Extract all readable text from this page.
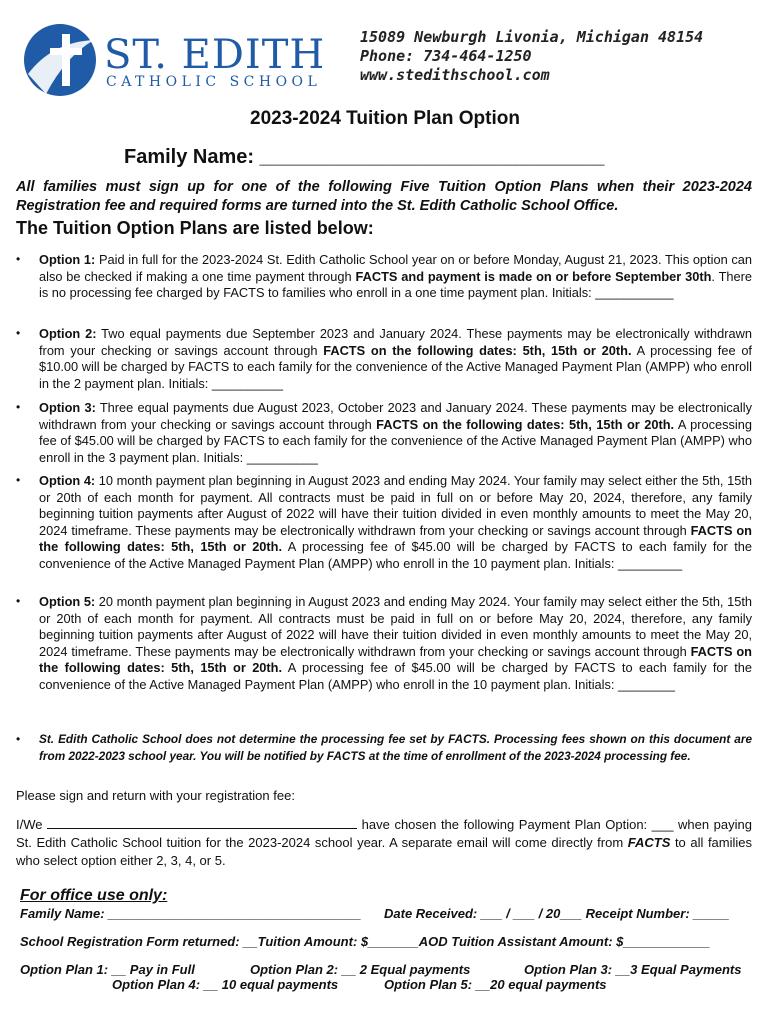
ST. EDITH
CATHOLIC SCHOOL
15089 Newburgh Livonia, Michigan 48154
Phone: 734-464-1250
www.stedithschool.com
2023-2024 Tuition Plan Option
Family Name: _______________________________
All families must sign up for one of the following Five Tuition Option Plans when their 2023-2024 Registration fee and required forms are turned into the St. Edith Catholic School Office.
The Tuition Option Plans are listed below:
• Option 1: Paid in full for the 2023-2024 St. Edith Catholic School year on or before Monday, August 21, 2023. This option can also be checked if making a one time payment through FACTS and payment is made on or before September 30th. There is no processing fee charged by FACTS to families who enroll in a one time payment plan. Initials: ___________
• Option 2: Two equal payments due September 2023 and January 2024. These payments may be electronically withdrawn from your checking or savings account through FACTS on the following dates: 5th, 15th or 20th. A processing fee of $10.00 will be charged by FACTS to each family for the convenience of the Active Managed Payment Plan (AMPP) who enroll in the 2 payment plan. Initials: __________
• Option 3: Three equal payments due August 2023, October 2023 and January 2024. These payments may be electronically withdrawn from your checking or savings account through FACTS on the following dates: 5th, 15th or 20th. A processing fee of $45.00 will be charged by FACTS to each family for the convenience of the Active Managed Payment Plan (AMPP) who enroll in the 3 payment plan. Initials: __________
• Option 4: 10 month payment plan beginning in August 2023 and ending May 2024. Your family may select either the 5th, 15th or 20th of each month for payment. All contracts must be paid in full on or before May 20, 2024, therefore, any family beginning tuition payments after August of 2022 will have their tuition divided in even monthly amounts to meet the May 20, 2024 timeframe. These payments may be electronically withdrawn from your checking or savings account through FACTS on the following dates: 5th, 15th or 20th. A processing fee of $45.00 will be charged by FACTS to each family for the convenience of the Active Managed Payment Plan (AMPP) who enroll in the 10 payment plan. Initials: _________
• Option 5: 20 month payment plan beginning in August 2023 and ending May 2024. Your family may select either the 5th, 15th or 20th of each month for payment. All contracts must be paid in full on or before May 20, 2024, therefore, any family beginning tuition payments after August of 2022 will have their tuition divided in even monthly amounts to meet the May 20, 2024 timeframe. These payments may be electronically withdrawn from your checking or savings account through FACTS on the following dates: 5th, 15th or 20th. A processing fee of $45.00 will be charged by FACTS to each family for the convenience of the Active Managed Payment Plan (AMPP) who enroll in the 10 payment plan. Initials: ________
• St. Edith Catholic School does not determine the processing fee set by FACTS. Processing fees shown on this document are from 2022-2023 school year. You will be notified by FACTS at the time of enrollment of the 2023-2024 processing fee.
Please sign and return with your registration fee:
I/We	have chosen the following Payment Plan Option: ___ when paying St. Edith Catholic School tuition for the 2023-2024 school year. A separate email will come directly from FACTS to all families who select option either 2, 3, 4, or 5.
For office use only:
Family Name: ___________________________________ Date Received: ___ / ___ / 20___ Receipt Number: _____
School Registration Form returned: __Tuition Amount: $_______AOD Tuition Assistant Amount: $____________
Option Plan 1: __ Pay in Full	Option Plan 2: __ 2 Equal payments	Option Plan 3: __3 Equal Payments
Option Plan 4: __ 10 equal payments	Option Plan 5: __20 equal payments
